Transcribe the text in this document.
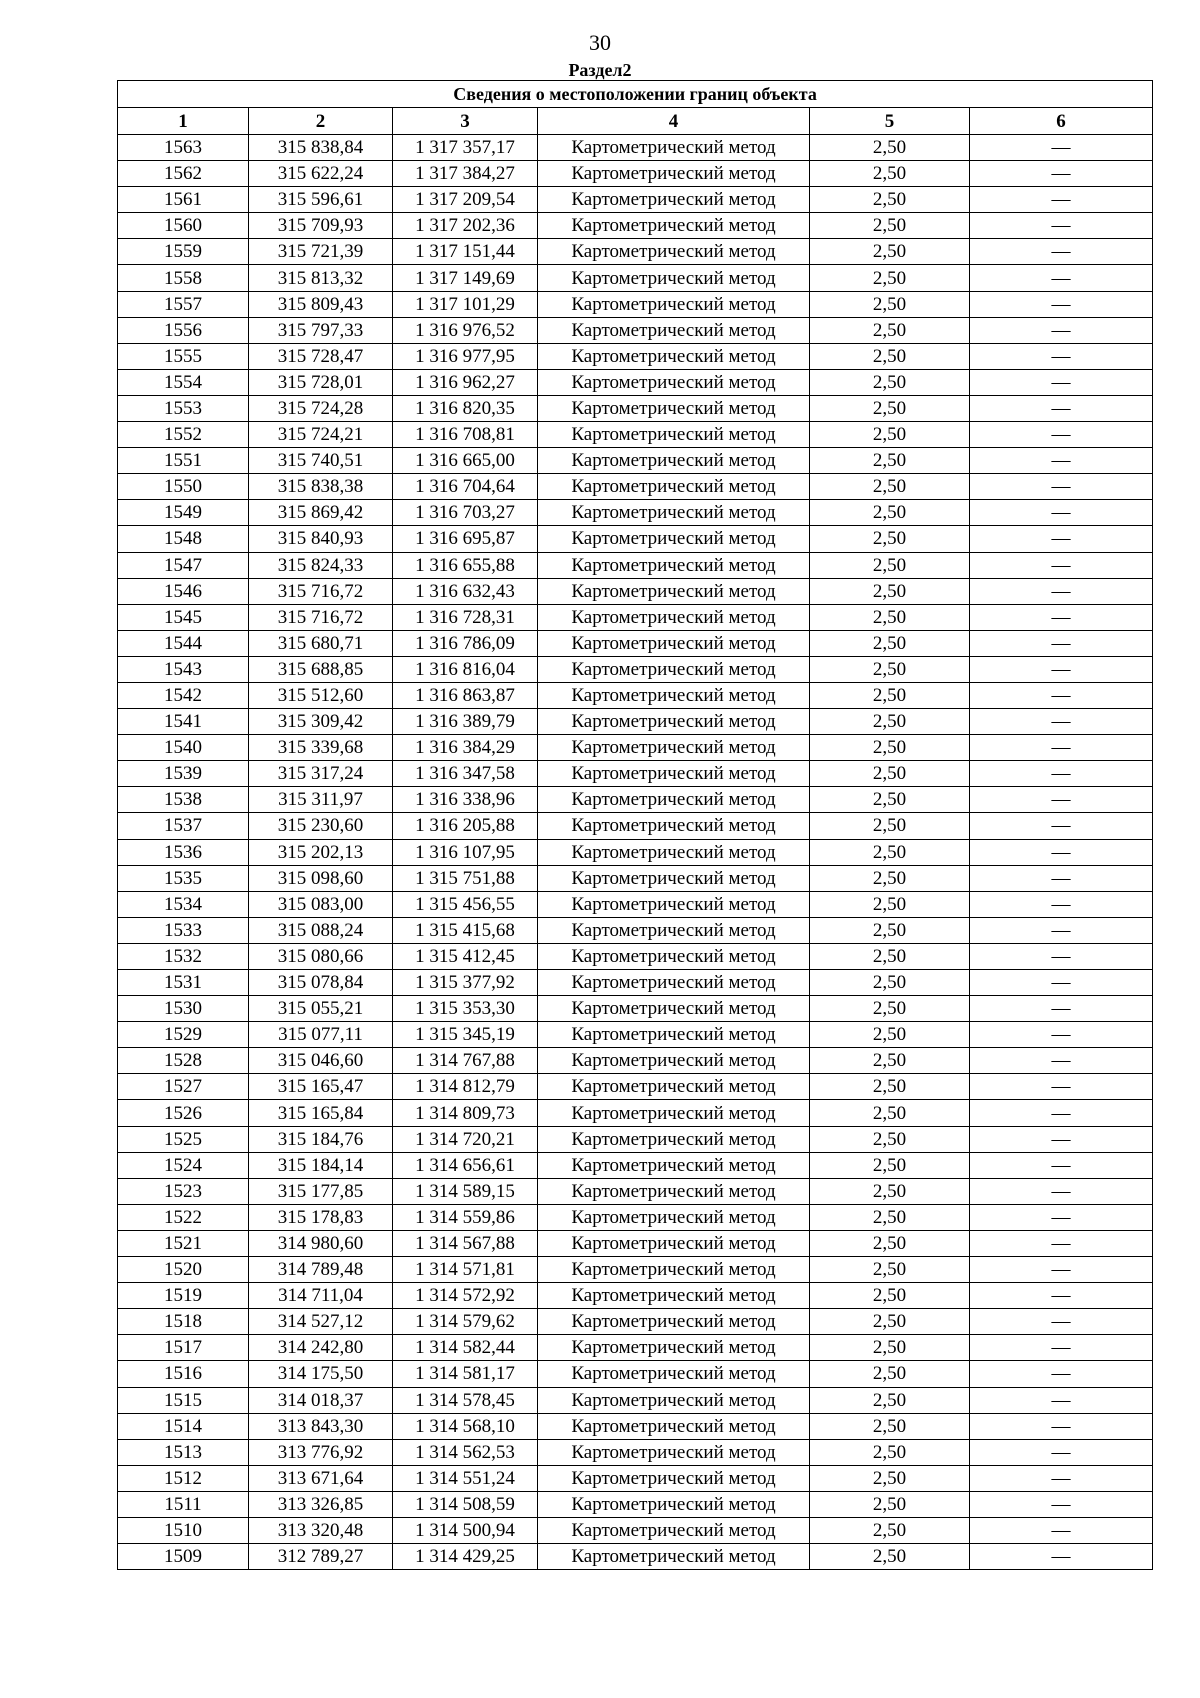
30
Раздел2
Сведения о местоположении границ объекта					
1	2	3	4	5	6
1563	315 838,84	1 317 357,17	Картометрический метод	2,50	—
1562	315 622,24	1 317 384,27	Картометрический метод	2,50	—
1561	315 596,61	1 317 209,54	Картометрический метод	2,50	—
1560	315 709,93	1 317 202,36	Картометрический метод	2,50	—
1559	315 721,39	1 317 151,44	Картометрический метод	2,50	—
1558	315 813,32	1 317 149,69	Картометрический метод	2,50	—
1557	315 809,43	1 317 101,29	Картометрический метод	2,50	—
1556	315 797,33	1 316 976,52	Картометрический метод	2,50	—
1555	315 728,47	1 316 977,95	Картометрический метод	2,50	—
1554	315 728,01	1 316 962,27	Картометрический метод	2,50	—
1553	315 724,28	1 316 820,35	Картометрический метод	2,50	—
1552	315 724,21	1 316 708,81	Картометрический метод	2,50	—
1551	315 740,51	1 316 665,00	Картометрический метод	2,50	—
1550	315 838,38	1 316 704,64	Картометрический метод	2,50	—
1549	315 869,42	1 316 703,27	Картометрический метод	2,50	—
1548	315 840,93	1 316 695,87	Картометрический метод	2,50	—
1547	315 824,33	1 316 655,88	Картометрический метод	2,50	—
1546	315 716,72	1 316 632,43	Картометрический метод	2,50	—
1545	315 716,72	1 316 728,31	Картометрический метод	2,50	—
1544	315 680,71	1 316 786,09	Картометрический метод	2,50	—
1543	315 688,85	1 316 816,04	Картометрический метод	2,50	—
1542	315 512,60	1 316 863,87	Картометрический метод	2,50	—
1541	315 309,42	1 316 389,79	Картометрический метод	2,50	—
1540	315 339,68	1 316 384,29	Картометрический метод	2,50	—
1539	315 317,24	1 316 347,58	Картометрический метод	2,50	—
1538	315 311,97	1 316 338,96	Картометрический метод	2,50	—
1537	315 230,60	1 316 205,88	Картометрический метод	2,50	—
1536	315 202,13	1 316 107,95	Картометрический метод	2,50	—
1535	315 098,60	1 315 751,88	Картометрический метод	2,50	—
1534	315 083,00	1 315 456,55	Картометрический метод	2,50	—
1533	315 088,24	1 315 415,68	Картометрический метод	2,50	—
1532	315 080,66	1 315 412,45	Картометрический метод	2,50	—
1531	315 078,84	1 315 377,92	Картометрический метод	2,50	—
1530	315 055,21	1 315 353,30	Картометрический метод	2,50	—
1529	315 077,11	1 315 345,19	Картометрический метод	2,50	—
1528	315 046,60	1 314 767,88	Картометрический метод	2,50	—
1527	315 165,47	1 314 812,79	Картометрический метод	2,50	—
1526	315 165,84	1 314 809,73	Картометрический метод	2,50	—
1525	315 184,76	1 314 720,21	Картометрический метод	2,50	—
1524	315 184,14	1 314 656,61	Картометрический метод	2,50	—
1523	315 177,85	1 314 589,15	Картометрический метод	2,50	—
1522	315 178,83	1 314 559,86	Картометрический метод	2,50	—
1521	314 980,60	1 314 567,88	Картометрический метод	2,50	—
1520	314 789,48	1 314 571,81	Картометрический метод	2,50	—
1519	314 711,04	1 314 572,92	Картометрический метод	2,50	—
1518	314 527,12	1 314 579,62	Картометрический метод	2,50	—
1517	314 242,80	1 314 582,44	Картометрический метод	2,50	—
1516	314 175,50	1 314 581,17	Картометрический метод	2,50	—
1515	314 018,37	1 314 578,45	Картометрический метод	2,50	—
1514	313 843,30	1 314 568,10	Картометрический метод	2,50	—
1513	313 776,92	1 314 562,53	Картометрический метод	2,50	—
1512	313 671,64	1 314 551,24	Картометрический метод	2,50	—
1511	313 326,85	1 314 508,59	Картометрический метод	2,50	—
1510	313 320,48	1 314 500,94	Картометрический метод	2,50	—
1509	312 789,27	1 314 429,25	Картометрический метод	2,50	—
